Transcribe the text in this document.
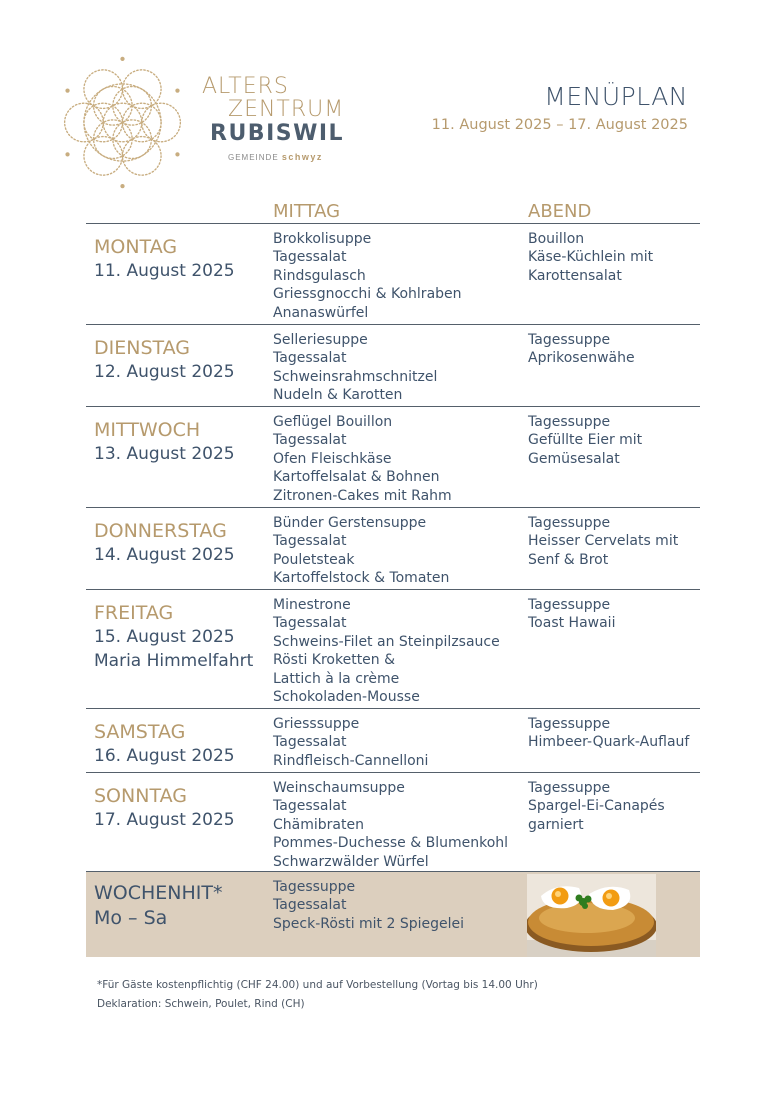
ALTERS
ZENTRUM
RUBISWIL
GEMEINDE schwyz
MENÜPLAN
11. August 2025 – 17. August 2025
MITTAG	ABEND
MONTAG
11. August 2025
Brokkolisuppe
Tagessalat
Rindsgulasch
Griessgnocchi & Kohlraben
Ananaswürfel
Bouillon
Käse-Küchlein mit
Karottensalat
DIENSTAG
12. August 2025
Selleriesuppe
Tagessalat
Schweinsrahmschnitzel
Nudeln & Karotten
Tagessuppe
Aprikosenwähe
MITTWOCH
13. August 2025
Geflügel Bouillon
Tagessalat
Ofen Fleischkäse
Kartoffelsalat & Bohnen
Zitronen-Cakes mit Rahm
Tagessuppe
Gefüllte Eier mit
Gemüsesalat
DONNERSTAG
14. August 2025
Bünder Gerstensuppe
Tagessalat
Pouletsteak
Kartoffelstock & Tomaten
Tagessuppe
Heisser Cervelats mit
Senf & Brot
FREITAG
15. August 2025
Maria Himmelfahrt
Minestrone
Tagessalat
Schweins-Filet an Steinpilzsauce
Rösti Kroketten &
Lattich à la crème
Schokoladen-Mousse
Tagessuppe
Toast Hawaii
SAMSTAG
16. August 2025
Griesssuppe
Tagessalat
Rindfleisch-Cannelloni
Tagessuppe
Himbeer-Quark-Auflauf
SONNTAG
17. August 2025
Weinschaumsuppe
Tagessalat
Chämibraten
Pommes-Duchesse & Blumenkohl
Schwarzwälder Würfel
Tagessuppe
Spargel-Ei-Canapés
garniert
WOCHENHIT*
Mo – Sa
Tagessuppe
Tagessalat
Speck-Rösti mit 2 Spiegelei
*Für Gäste kostenpflichtig (CHF 24.00) und auf Vorbestellung (Vortag bis 14.00 Uhr)
Deklaration: Schwein, Poulet, Rind (CH)
